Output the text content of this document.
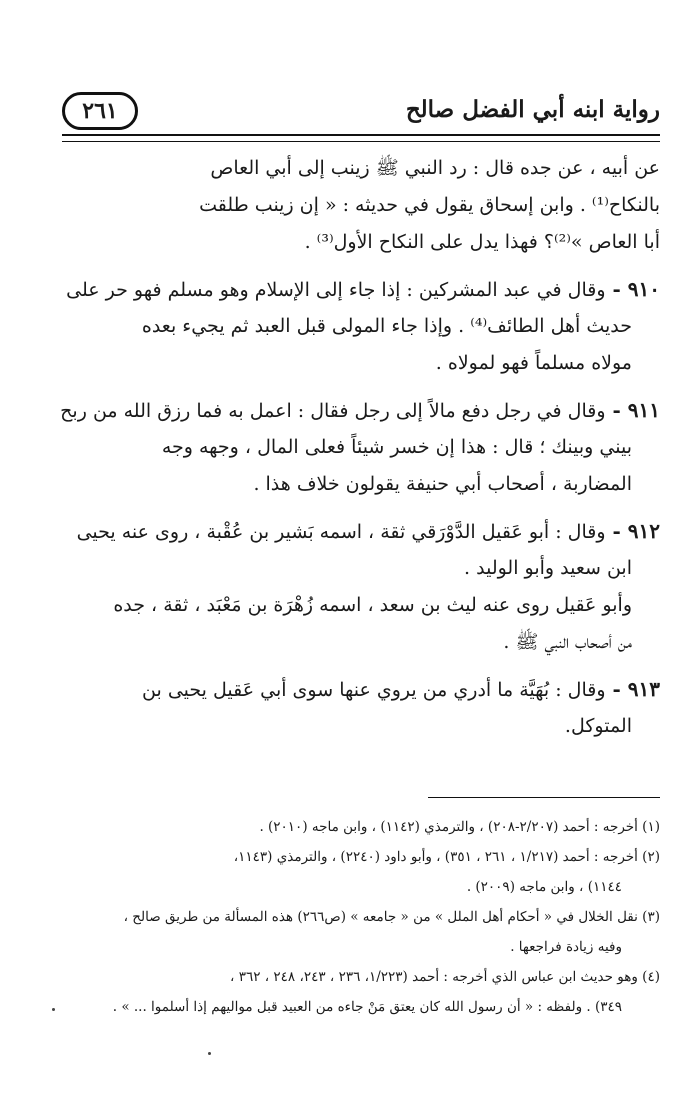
رواية ابنه أبي الفضل صالح
٢٦١
عن أبيه ، عن جده قال : رد النبي ﷺ زينب إلى أبي العاص
بالنكاح⁽¹⁾ . وابن إسحاق يقول في حديثه : « إن زينب طلقت
أبا العاص »⁽²⁾؟ فهذا يدل على النكاح الأول⁽³⁾ .
٩١٠ - وقال في عبد المشركين : إذا جاء إلى الإسلام وهو مسلم فهو حر على
حديث أهل الطائف⁽⁴⁾ . وإذا جاء المولى قبل العبد ثم يجيء بعده
مولاه مسلماً فهو لمولاه .
٩١١ - وقال في رجل دفع مالاً إلى رجل فقال : اعمل به فما رزق الله من ربح
بيني وبينك ؛ قال : هذا إن خسر شيئاً فعلى المال ، وجهه وجه
المضاربة ، أصحاب أبي حنيفة يقولون خلاف هذا .
٩١٢ - وقال : أبو عَقيل الدَّوْرَقي ثقة ، اسمه بَشير بن عُقْبة ، روى عنه يحيى
ابن سعيد وأبو الوليد .
وأبو عَقيل روى عنه ليث بن سعد ، اسمه زُهْرَة بن مَعْبَد ، ثقة ، جده
من أصحاب النبي ﷺ .
٩١٣ - وقال : بُهَيَّة ما أدري من يروي عنها سوى أبي عَقيل يحيى بن
المتوكل.
(١) أخرجه : أحمد (٢/٢٠٧-٢٠٨) ، والترمذي (١١٤٢) ، وابن ماجه (٢٠١٠) .
(٢) أخرجه : أحمد (١/٢١٧ ، ٢٦١ ، ٣٥١) ، وأبو داود (٢٢٤٠) ، والترمذي (١١٤٣،
١١٤٤) ، وابن ماجه (٢٠٠٩) .
(٣) نقل الخلال في « أحكام أهل الملل » من « جامعه » (ص٢٦٦) هذه المسألة من طريق صالح ،
وفيه زيادة فراجعها .
(٤) وهو حديث ابن عباس الذي أخرجه : أحمد (١/٢٢٣، ٢٣٦ ، ٢٤٣، ٢٤٨ ، ٣٦٢ ،
٣٤٩) . ولفظه : « أن رسول الله كان يعتق مَنْ جاءه من العبيد قبل مواليهم إذا أسلموا ... » .
